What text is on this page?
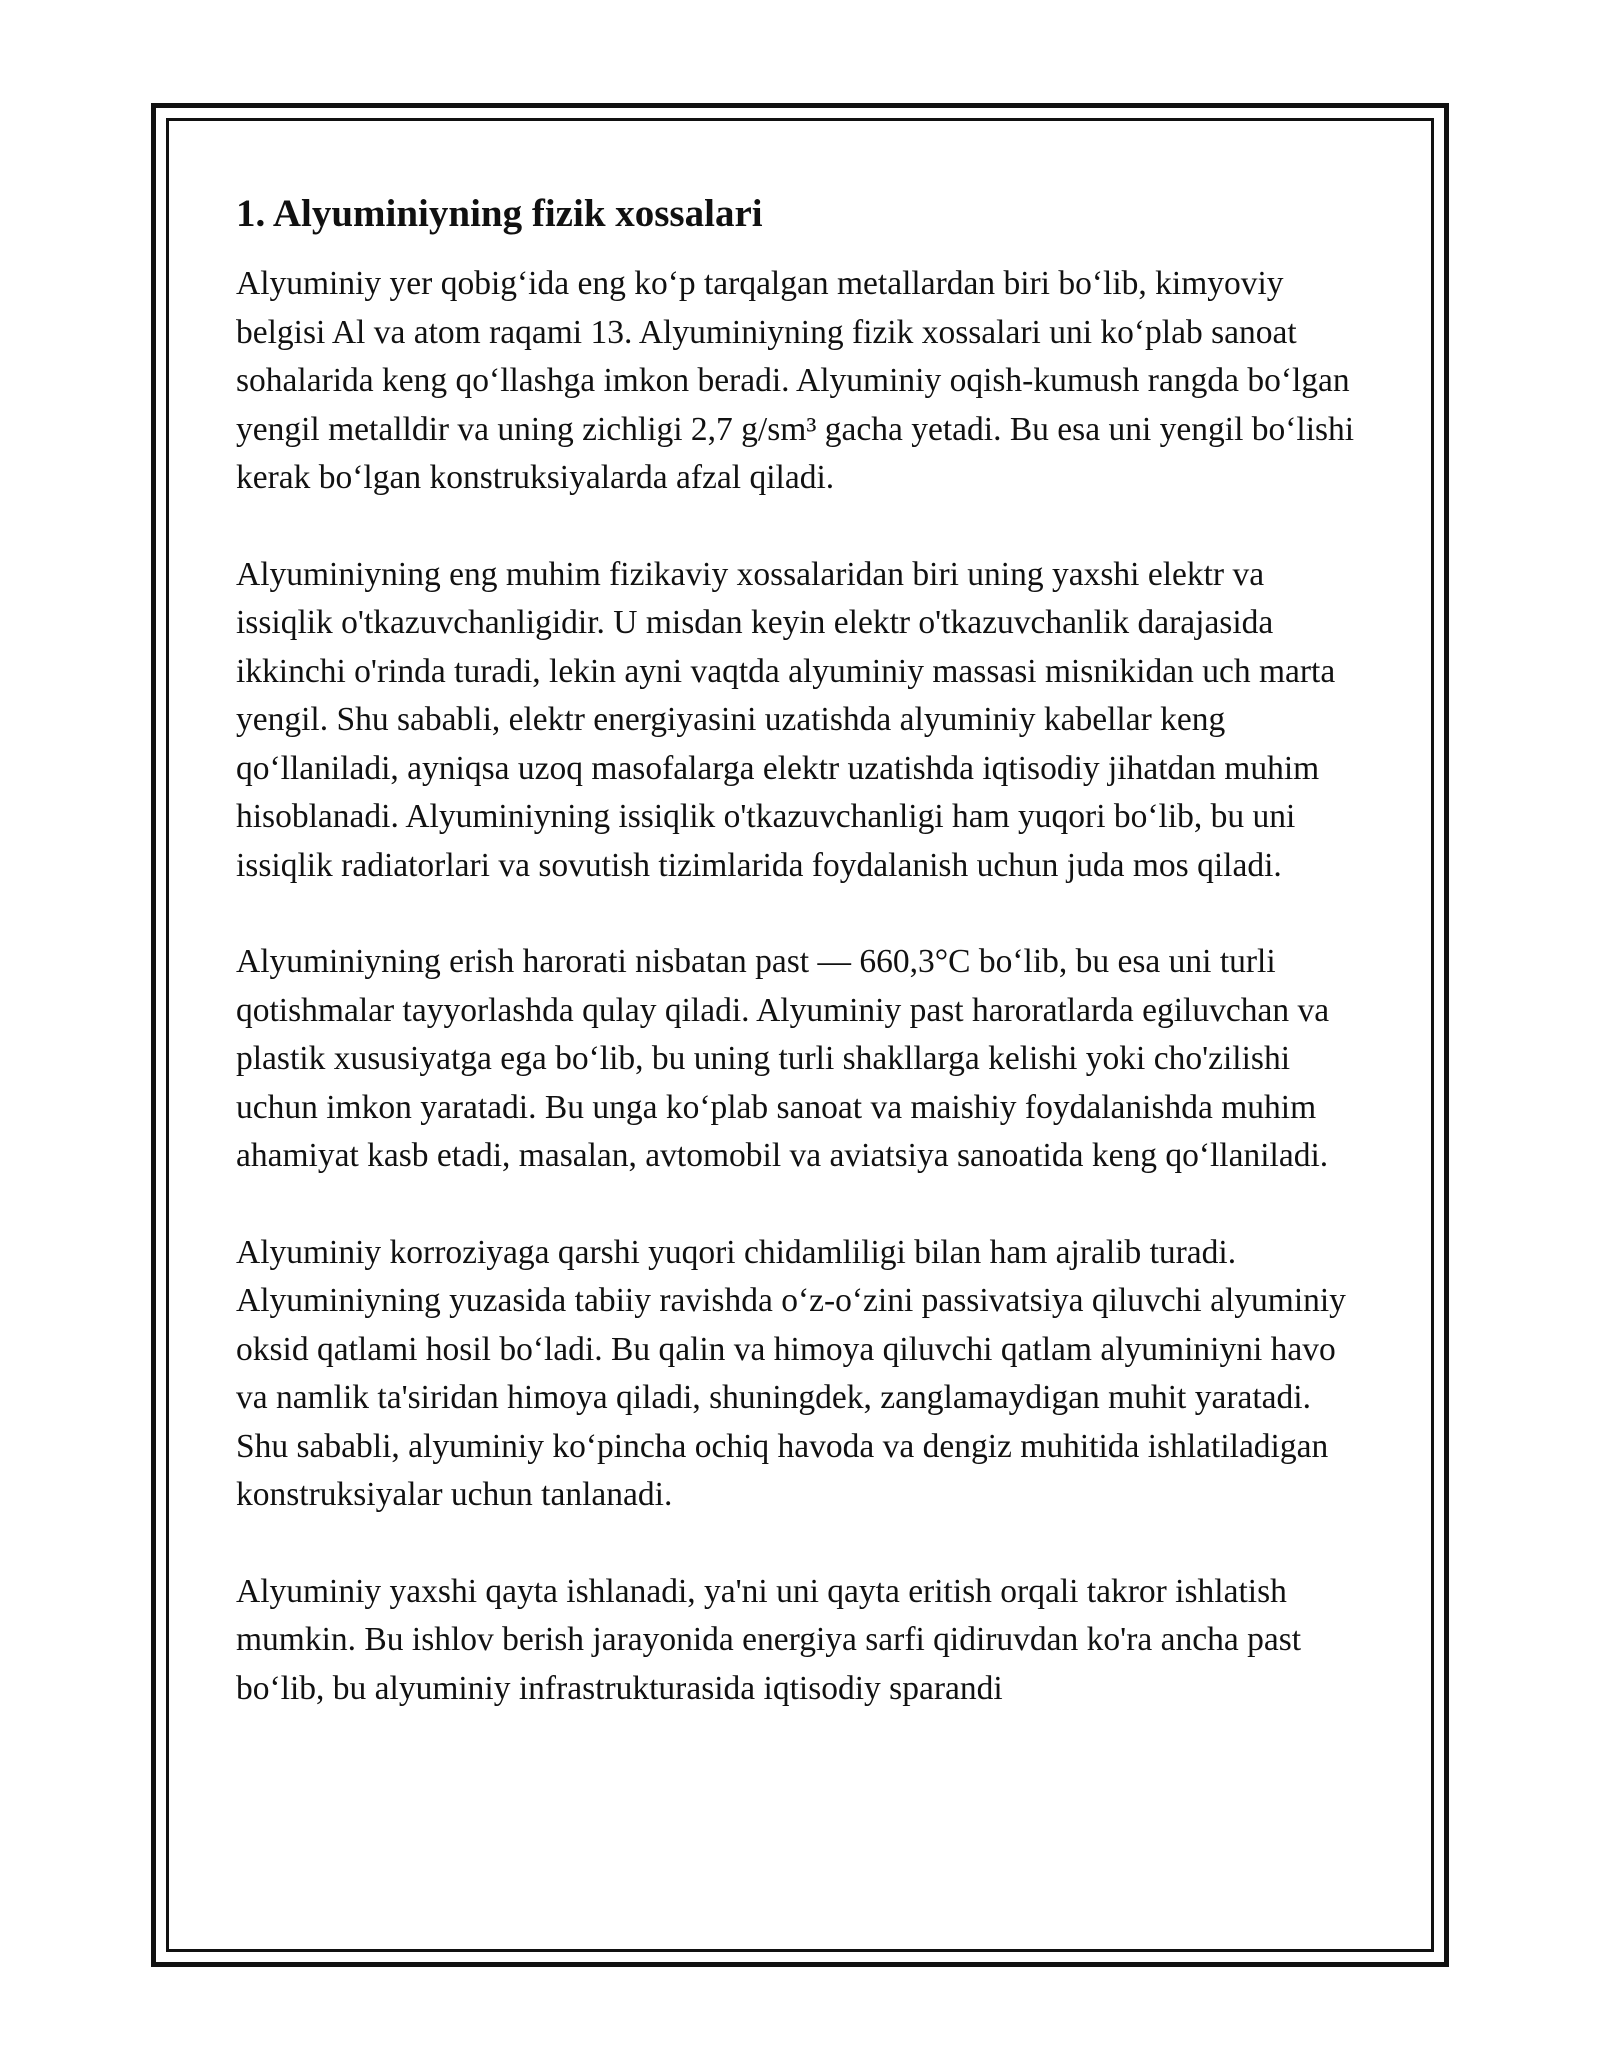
1. Alyuminiyning fizik xossalari

Alyuminiy yer qobig‘ida eng ko‘p tarqalgan metallardan biri bo‘lib, kimyoviy belgisi Al va atom raqami 13. Alyuminiyning fizik xossalari uni ko‘plab sanoat sohalarida keng qo‘llashga imkon beradi. Alyuminiy oqish-kumush rangda bo‘lgan yengil metalldir va uning zichligi 2,7 g/sm³ gacha yetadi. Bu esa uni yengil bo‘lishi kerak bo‘lgan konstruksiyalarda afzal qiladi.

Alyuminiyning eng muhim fizikaviy xossalaridan biri uning yaxshi elektr va issiqlik o'tkazuvchanligidir. U misdan keyin elektr o'tkazuvchanlik darajasida ikkinchi o'rinda turadi, lekin ayni vaqtda alyuminiy massasi misnikidan uch marta yengil. Shu sababli, elektr energiyasini uzatishda alyuminiy kabellar keng qo‘llaniladi, ayniqsa uzoq masofalarga elektr uzatishda iqtisodiy jihatdan muhim hisoblanadi. Alyuminiyning issiqlik o'tkazuvchanligi ham yuqori bo‘lib, bu uni issiqlik radiatorlari va sovutish tizimlarida foydalanish uchun juda mos qiladi.

Alyuminiyning erish harorati nisbatan past — 660,3°C bo‘lib, bu esa uni turli qotishmalar tayyorlashda qulay qiladi. Alyuminiy past haroratlarda egiluvchan va plastik xususiyatga ega bo‘lib, bu uning turli shakllarga kelishi yoki cho'zilishi uchun imkon yaratadi. Bu unga ko‘plab sanoat va maishiy foydalanishda muhim ahamiyat kasb etadi, masalan, avtomobil va aviatsiya sanoatida keng qo‘llaniladi.

Alyuminiy korroziyaga qarshi yuqori chidamliligi bilan ham ajralib turadi. Alyuminiyning yuzasida tabiiy ravishda o‘z-o‘zini passivatsiya qiluvchi alyuminiy oksid qatlami hosil bo‘ladi. Bu qalin va himoya qiluvchi qatlam alyuminiyni havo va namlik ta'siridan himoya qiladi, shuningdek, zanglamaydigan muhit yaratadi. Shu sababli, alyuminiy ko‘pincha ochiq havoda va dengiz muhitida ishlatiladigan konstruksiyalar uchun tanlanadi.

Alyuminiy yaxshi qayta ishlanadi, ya'ni uni qayta eritish orqali takror ishlatish mumkin. Bu ishlov berish jarayonida energiya sarfi qidiruvdan ko'ra ancha past bo‘lib, bu alyuminiy infrastrukturasida iqtisodiy sparandi
